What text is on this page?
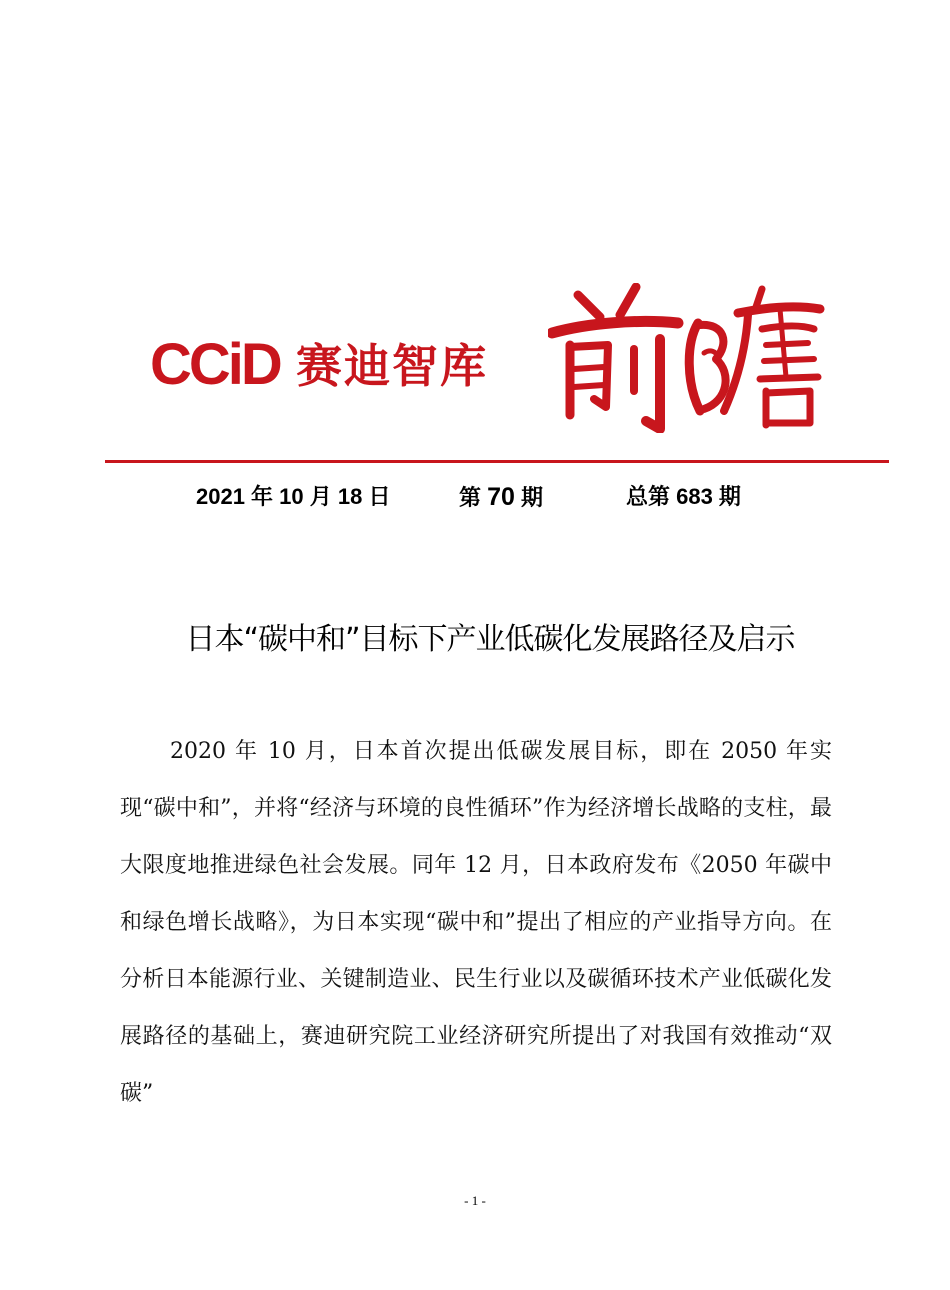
CCiD 赛迪智库
2021 年 10 月 18 日	第 70 期	总第 683 期
日本“碳中和”目标下产业低碳化发展路径及启示

2020 年 10 月，日本首次提出低碳发展目标，即在 2050 年实现“碳中和”，并将“经济与环境的良性循环”作为经济增长战略的支柱，最大限度地推进绿色社会发展。同年 12 月，日本政府发布《2050 年碳中和绿色增长战略》，为日本实现“碳中和”提出了相应的产业指导方向。在分析日本能源行业、关键制造业、民生行业以及碳循环技术产业低碳化发展路径的基础上，赛迪研究院工业经济研究所提出了对我国有效推动“双碳”

- 1 -
